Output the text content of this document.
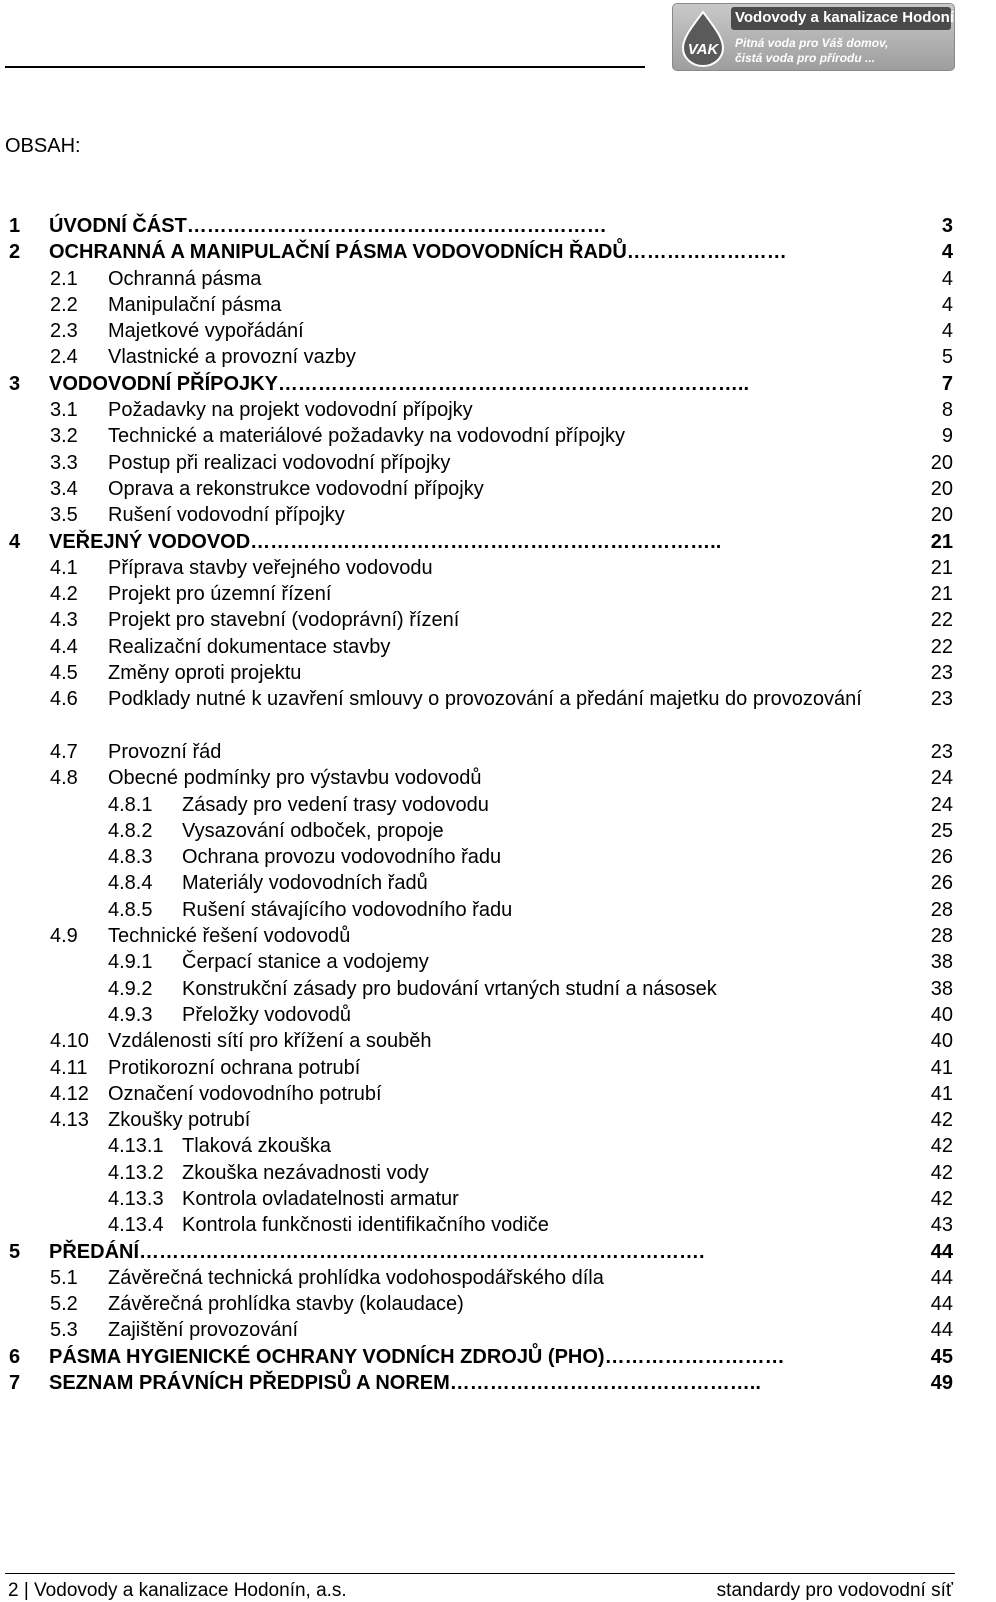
VAK
Vodovody a kanalizace Hodonín, a.s.
Pitná voda pro Váš domov,
čistá voda pro přírodu ...
OBSAH:
1 ÚVODNÍ ČÁST………………………………………………………	3
2 OCHRANNÁ A MANIPULAČNÍ PÁSMA VODOVODNÍCH ŘADŮ……………………	4
2.1 Ochranná pásma	4
2.2 Manipulační pásma	4
2.3 Majetkové vypořádání	4
2.4 Vlastnické a provozní vazby	5
3 VODOVODNÍ PŘÍPOJKY……………………………………………………………..	7
3.1 Požadavky na projekt vodovodní přípojky	8
3.2 Technické a materiálové požadavky na vodovodní přípojky	9
3.3 Postup při realizaci vodovodní přípojky	20
3.4 Oprava a rekonstrukce vodovodní přípojky	20
3.5 Rušení vodovodní přípojky	20
4 VEŘEJNÝ VODOVOD……………………………………………………………..	21
4.1 Příprava stavby veřejného vodovodu	21
4.2 Projekt pro územní řízení	21
4.3 Projekt pro stavební (vodoprávní) řízení	22
4.4 Realizační dokumentace stavby	22
4.5 Změny oproti projektu	23
4.6 Podklady nutné k uzavření smlouvy o provozování a předání majetku do provozování	23
4.7 Provozní řád	23
4.8 Obecné podmínky pro výstavbu vodovodů	24
4.8.1 Zásady pro vedení trasy vodovodu	24
4.8.2 Vysazování odboček, propoje	25
4.8.3 Ochrana provozu vodovodního řadu	26
4.8.4 Materiály vodovodních řadů	26
4.8.5 Rušení stávajícího vodovodního řadu	28
4.9 Technické řešení vodovodů	28
4.9.1 Čerpací stanice a vodojemy	38
4.9.2 Konstrukční zásady pro budování vrtaných studní a násosek	38
4.9.3 Přeložky vodovodů	40
4.10 Vzdálenosti sítí pro křížení a souběh	40
4.11 Protikorozní ochrana potrubí	41
4.12 Označení vodovodního potrubí	41
4.13 Zkoušky potrubí	42
4.13.1 Tlaková zkouška	42
4.13.2 Zkouška nezávadnosti vody	42
4.13.3 Kontrola ovladatelnosti armatur	42
4.13.4 Kontrola funkčnosti identifikačního vodiče	43
5 PŘEDÁNÍ………………………………………………………………………….	44
5.1 Závěrečná technická prohlídka vodohospodářského díla	44
5.2 Závěrečná prohlídka stavby (kolaudace)	44
5.3 Zajištění provozování	44
6 PÁSMA HYGIENICKÉ OCHRANY VODNÍCH ZDROJŮ (PHO)………………………	45
7 SEZNAM PRÁVNÍCH PŘEDPISŮ A NOREM………………………………………..	49
2 | Vodovody a kanalizace Hodonín, a.s.	standardy pro vodovodní síť
